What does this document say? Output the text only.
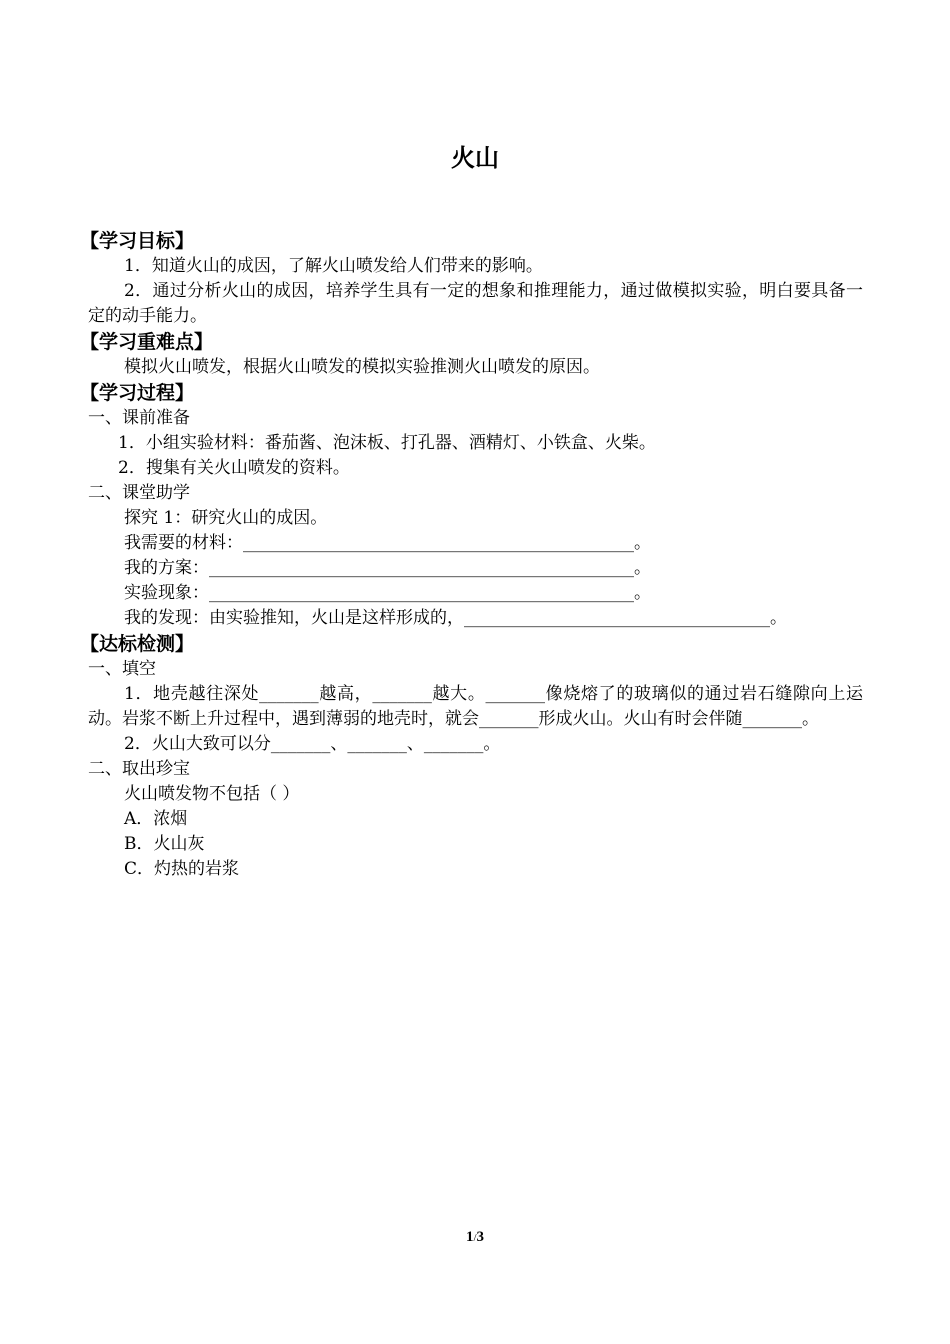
火山
【学习目标】
1．知道火山的成因，了解火山喷发给人们带来的影响。
2．通过分析火山的成因，培养学生具有一定的想象和推理能力，通过做模拟实验，明白要具备一定的动手能力。
【学习重难点】
模拟火山喷发，根据火山喷发的模拟实验推测火山喷发的原因。
【学习过程】
一、课前准备
1．小组实验材料：番茄酱、泡沫板、打孔器、酒精灯、小铁盒、火柴。
2．搜集有关火山喷发的资料。
二、课堂助学
探究 1：研究火山的成因。
我需要的材料：______________________________________________。
我的方案：__________________________________________________。
实验现象：__________________________________________________。
我的发现：由实验推知，火山是这样形成的，____________________________________。
【达标检测】
一、填空
1．地壳越往深处_______越高，_______越大。_______像烧熔了的玻璃似的通过岩石缝隙向上运动。岩浆不断上升过程中，遇到薄弱的地壳时，就会_______形成火山。火山有时会伴随_______。
2．火山大致可以分_______、_______、_______。
二、取出珍宝
火山喷发物不包括（ ）
A．浓烟
B．火山灰
C．灼热的岩浆
1/3
